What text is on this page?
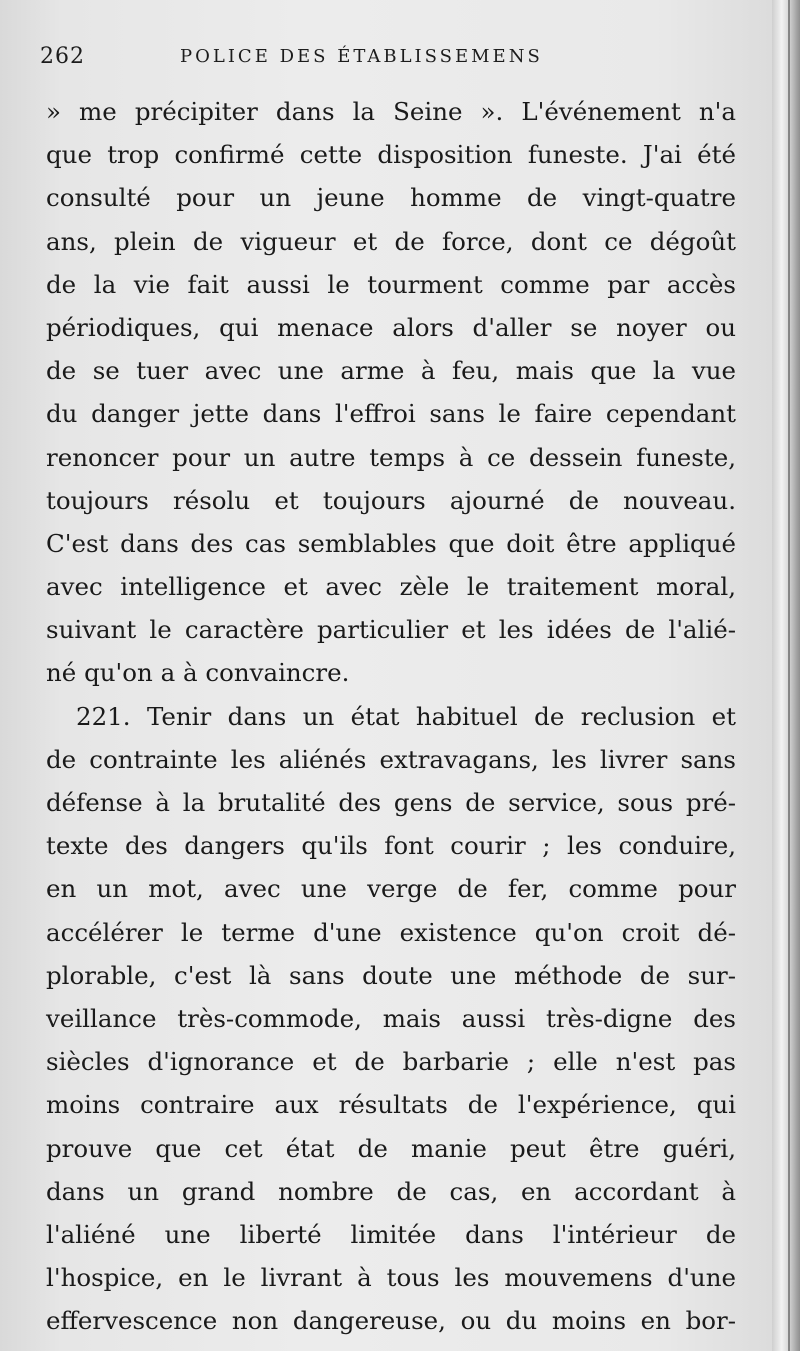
262	POLICE DES ÉTABLISSEMENS
» me précipiter dans la Seine ». L'événement n'a
que trop confirmé cette disposition funeste. J'ai été
consulté pour un jeune homme de vingt-quatre
ans, plein de vigueur et de force, dont ce dégoût
de la vie fait aussi le tourment comme par accès
périodiques, qui menace alors d'aller se noyer ou
de se tuer avec une arme à feu, mais que la vue
du danger jette dans l'effroi sans le faire cependant
renoncer pour un autre temps à ce dessein funeste,
toujours résolu et toujours ajourné de nouveau.
C'est dans des cas semblables que doit être appliqué
avec intelligence et avec zèle le traitement moral,
suivant le caractère particulier et les idées de l'alié-
né qu'on a à convaincre.
221. Tenir dans un état habituel de reclusion et
de contrainte les aliénés extravagans, les livrer sans
défense à la brutalité des gens de service, sous pré-
texte des dangers qu'ils font courir ; les conduire,
en un mot, avec une verge de fer, comme pour
accélérer le terme d'une existence qu'on croit dé-
plorable, c'est là sans doute une méthode de sur-
veillance très-commode, mais aussi très-digne des
siècles d'ignorance et de barbarie ; elle n'est pas
moins contraire aux résultats de l'expérience, qui
prouve que cet état de manie peut être guéri,
dans un grand nombre de cas, en accordant à
l'aliéné une liberté limitée dans l'intérieur de
l'hospice, en le livrant à tous les mouvemens d'une
effervescence non dangereuse, ou du moins en bor-
